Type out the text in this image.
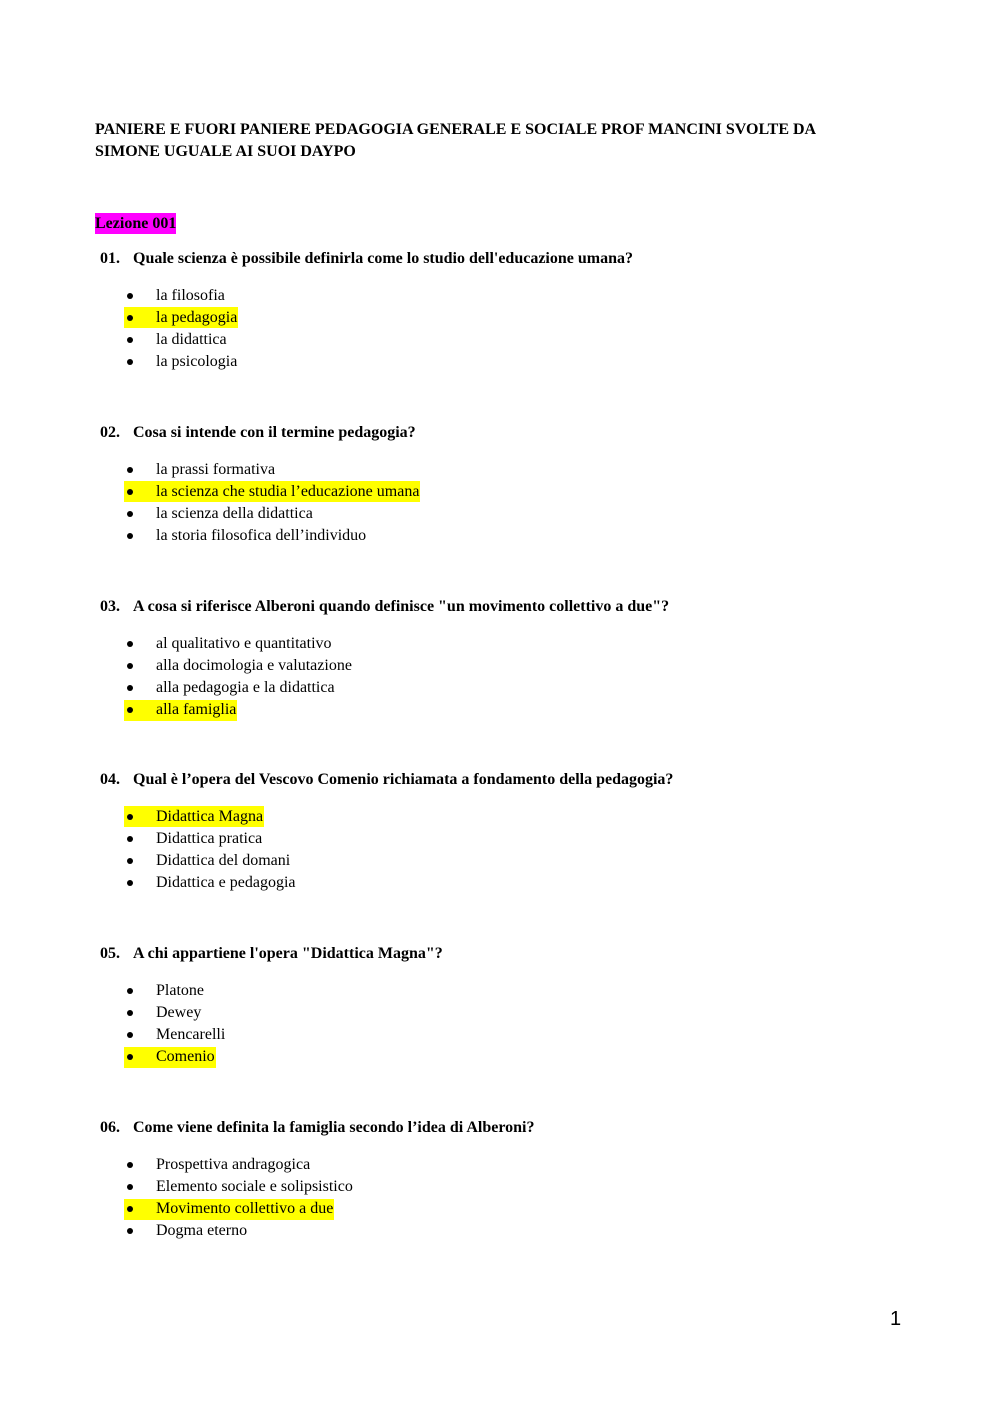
PANIERE E FUORI PANIERE PEDAGOGIA GENERALE E SOCIALE PROF MANCINI SVOLTE DA
SIMONE UGUALE AI SUOI DAYPO
Lezione 001
01. Quale scienza è possibile definirla come lo studio dell'educazione umana?
la filosofia
la pedagogia
la didattica
la psicologia
02. Cosa si intende con il termine pedagogia?
la prassi formativa
la scienza che studia l’educazione umana
la scienza della didattica
la storia filosofica dell’individuo
03. A cosa si riferisce Alberoni quando definisce "un movimento collettivo a due"?
al qualitativo e quantitativo
alla docimologia e valutazione
alla pedagogia e la didattica
alla famiglia
04. Qual è l’opera del Vescovo Comenio richiamata a fondamento della pedagogia?
Didattica Magna
Didattica pratica
Didattica del domani
Didattica e pedagogia
05. A chi appartiene l'opera "Didattica Magna"?
Platone
Dewey
Mencarelli
Comenio
06. Come viene definita la famiglia secondo l’idea di Alberoni?
Prospettiva andragogica
Elemento sociale e solipsistico
Movimento collettivo a due
Dogma eterno
1
